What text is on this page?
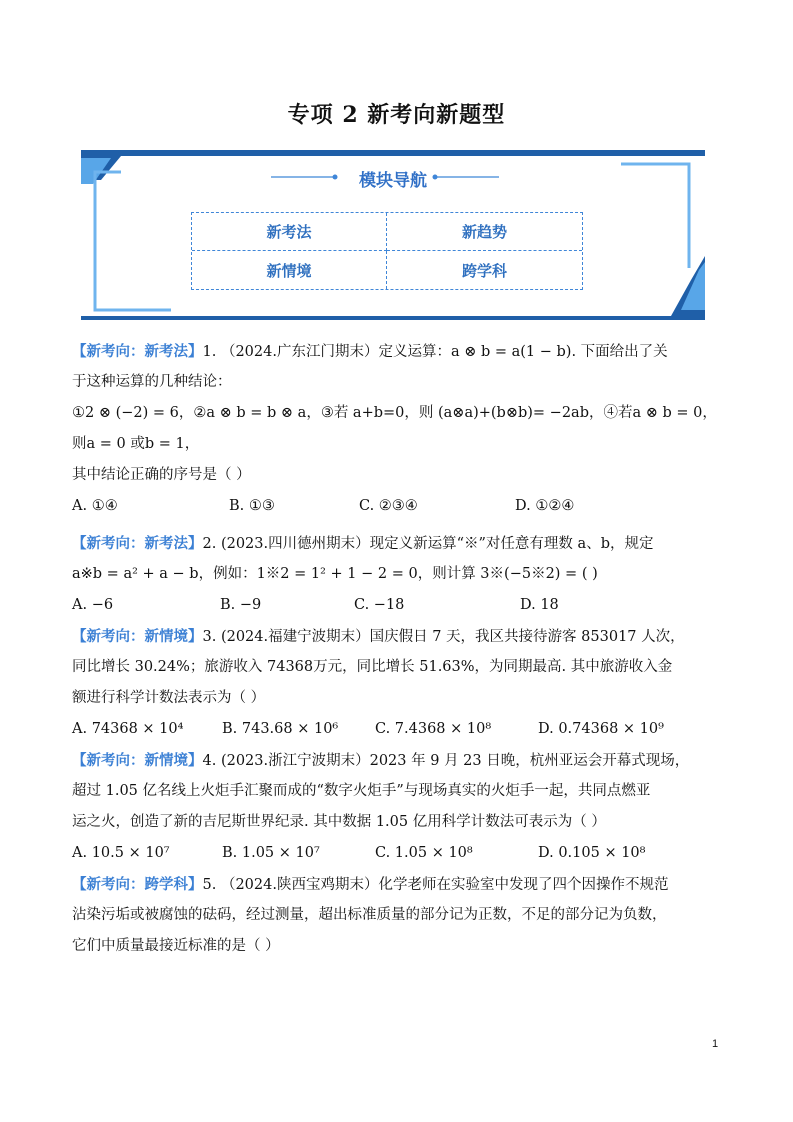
专项 2 新考向新题型
模块导航
新考法	新趋势
新情境	跨学科
【新考向：新考法】1. （2024.广东江门期末）定义运算：a ⊗ b = a(1 − b). 下面给出了关
于这种运算的几种结论：
①2 ⊗ (−2) = 6，②a ⊗ b = b ⊗ a，③若 a+b=0，则 (a⊗a)+(b⊗b)= −2ab，④若a ⊗ b = 0，
则a = 0 或b = 1，
其中结论正确的序号是（ ）
A. ①④	B. ①③	C. ②③④	D. ①②④
【新考向：新考法】2. (2023.四川德州期末）现定义新运算“※”对任意有理数 a、b，规定
a※b = a² + a − b，例如：1※2 = 1² + 1 − 2 = 0，则计算 3※(−5※2) = ( )
A. −6	B. −9	C. −18	D. 18
【新考向：新情境】3. (2024.福建宁波期末）国庆假日 7 天，我区共接待游客 853017 人次，
同比增长 30.24%；旅游收入 74368万元，同比增长 51.63%，为同期最高. 其中旅游收入金
额进行科学计数法表示为（ ）
A. 74368 × 10⁴	B. 743.68 × 10⁶	C. 7.4368 × 10⁸	D. 0.74368 × 10⁹
【新考向：新情境】4. (2023.浙江宁波期末）2023 年 9 月 23 日晚，杭州亚运会开幕式现场，
超过 1.05 亿名线上火炬手汇聚而成的“数字火炬手”与现场真实的火炬手一起，共同点燃亚
运之火，创造了新的吉尼斯世界纪录. 其中数据 1.05 亿用科学计数法可表示为（ ）
A. 10.5 × 10⁷	B. 1.05 × 10⁷	C. 1.05 × 10⁸	D. 0.105 × 10⁸
【新考向：跨学科】5. （2024.陕西宝鸡期末）化学老师在实验室中发现了四个因操作不规范
沾染污垢或被腐蚀的砝码，经过测量，超出标准质量的部分记为正数，不足的部分记为负数，
它们中质量最接近标准的是（ ）
1
